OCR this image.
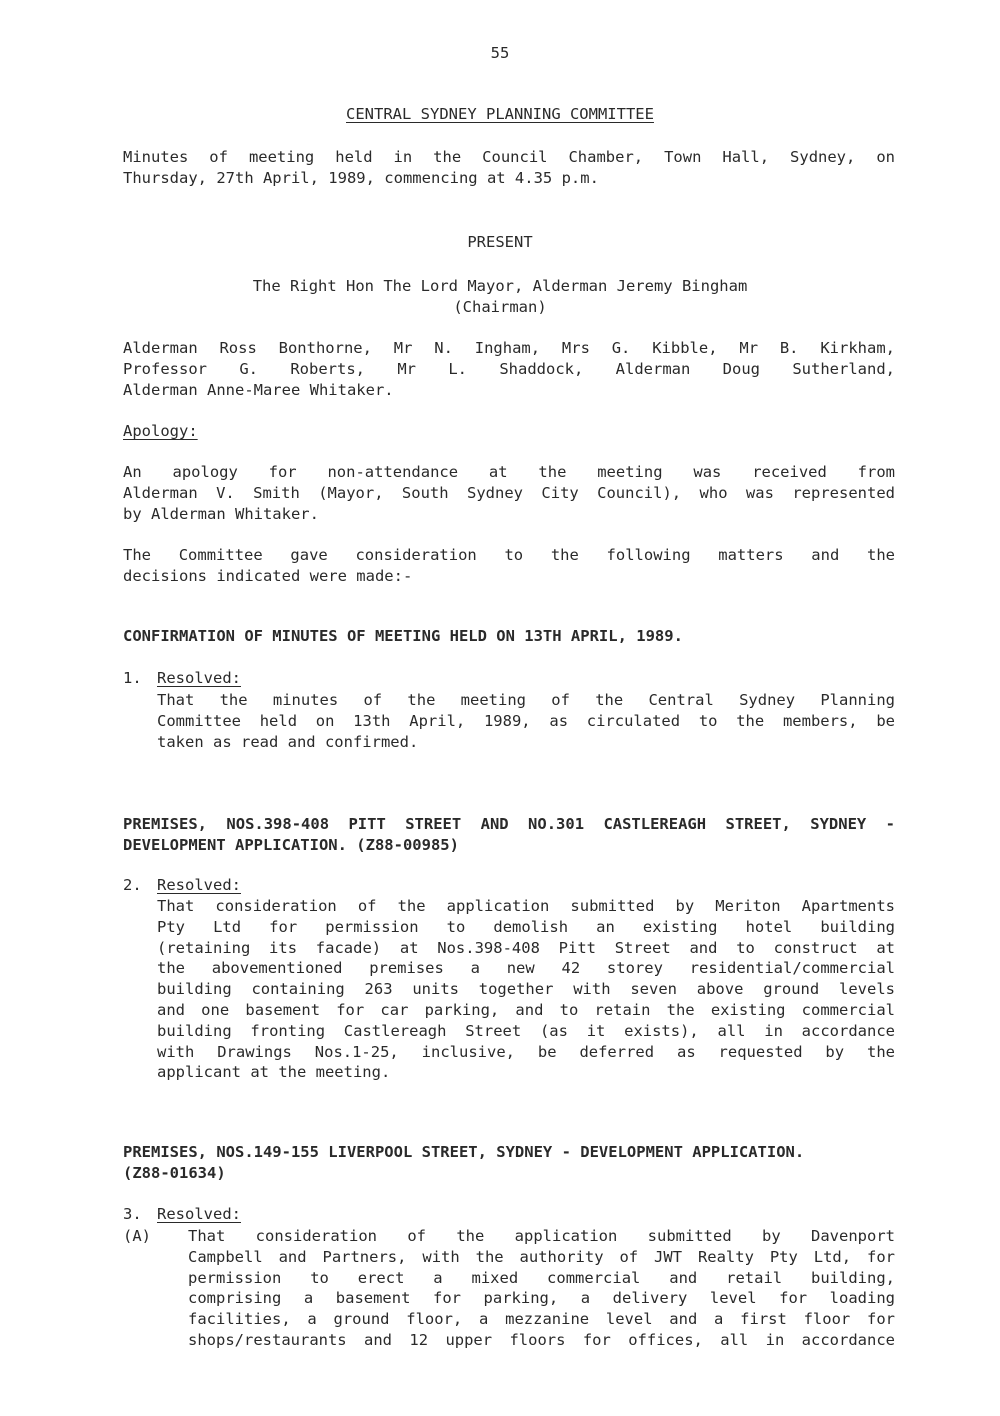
55
CENTRAL SYDNEY PLANNING COMMITTEE
Minutes of meeting held in the Council Chamber, Town Hall, Sydney, on
Thursday, 27th April, 1989, commencing at 4.35 p.m.
PRESENT
The Right Hon The Lord Mayor, Alderman Jeremy Bingham
(Chairman)
Alderman Ross Bonthorne, Mr N. Ingham, Mrs G. Kibble, Mr B. Kirkham,
Professor G. Roberts, Mr L. Shaddock, Alderman Doug Sutherland,
Alderman Anne-Maree Whitaker.
Apology:
An apology for non-attendance at the meeting was received from
Alderman V. Smith (Mayor, South Sydney City Council), who was represented
by Alderman Whitaker.
The Committee gave consideration to the following matters and the
decisions indicated were made:-
CONFIRMATION OF MINUTES OF MEETING HELD ON 13TH APRIL, 1989.
1. Resolved:
That the minutes of the meeting of the Central Sydney Planning
Committee held on 13th April, 1989, as circulated to the members, be
taken as read and confirmed.
PREMISES, NOS.398-408 PITT STREET AND NO.301 CASTLEREAGH STREET, SYDNEY -
DEVELOPMENT APPLICATION. (Z88-00985)
2. Resolved:
That consideration of the application submitted by Meriton Apartments
Pty Ltd for permission to demolish an existing hotel building
(retaining its facade) at Nos.398-408 Pitt Street and to construct at
the abovementioned premises a new 42 storey residential/commercial
building containing 263 units together with seven above ground levels
and one basement for car parking, and to retain the existing commercial
building fronting Castlereagh Street (as it exists), all in accordance
with Drawings Nos.1-25, inclusive, be deferred as requested by the
applicant at the meeting.
PREMISES, NOS.149-155 LIVERPOOL STREET, SYDNEY - DEVELOPMENT APPLICATION.
(Z88-01634)
3. Resolved:
(A) That consideration of the application submitted by Davenport
Campbell and Partners, with the authority of JWT Realty Pty Ltd, for
permission to erect a mixed commercial and retail building,
comprising a basement for parking, a delivery level for loading
facilities, a ground floor, a mezzanine level and a first floor for
shops/restaurants and 12 upper floors for offices, all in accordance
